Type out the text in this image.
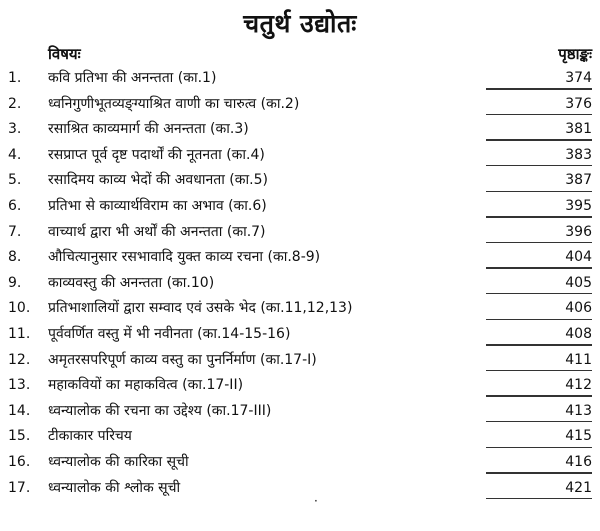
चतुर्थ उद्योतः
विषयः	पृष्ठाङ्कः
1. कवि प्रतिभा की अनन्तता (का.1)	374
2. ध्वनिगुणीभूतव्यङ्ग्याश्रित वाणी का चारुत्व (का.2)	376
3. रसाश्रित काव्यमार्ग की अनन्तता (का.3)	381
4. रसप्राप्त पूर्व दृष्ट पदार्थों की नूतनता (का.4)	383
5. रसादिमय काव्य भेदों की अवधानता (का.5)	387
6. प्रतिभा से काव्यार्थविराम का अभाव (का.6)	395
7. वाच्यार्थ द्वारा भी अर्थों की अनन्तता (का.7)	396
8. औचित्यानुसार रसभावादि युक्त काव्य रचना (का.8-9)	404
9. काव्यवस्तु की अनन्तता (का.10)	405
10. प्रतिभाशालियों द्वारा सम्वाद एवं उसके भेद (का.11,12,13)	406
11. पूर्ववर्णित वस्तु में भी नवीनता (का.14-15-16)	408
12. अमृतरसपरिपूर्ण काव्य वस्तु का पुनर्निर्माण (का.17-I)	411
13. महाकवियों का महाकवित्व (का.17-II)	412
14. ध्वन्यालोक की रचना का उद्देश्य (का.17-III)	413
15. टीकाकार परिचय	415
16. ध्वन्यालोक की कारिका सूची	416
17. ध्वन्यालोक की श्लोक सूची	421
·
